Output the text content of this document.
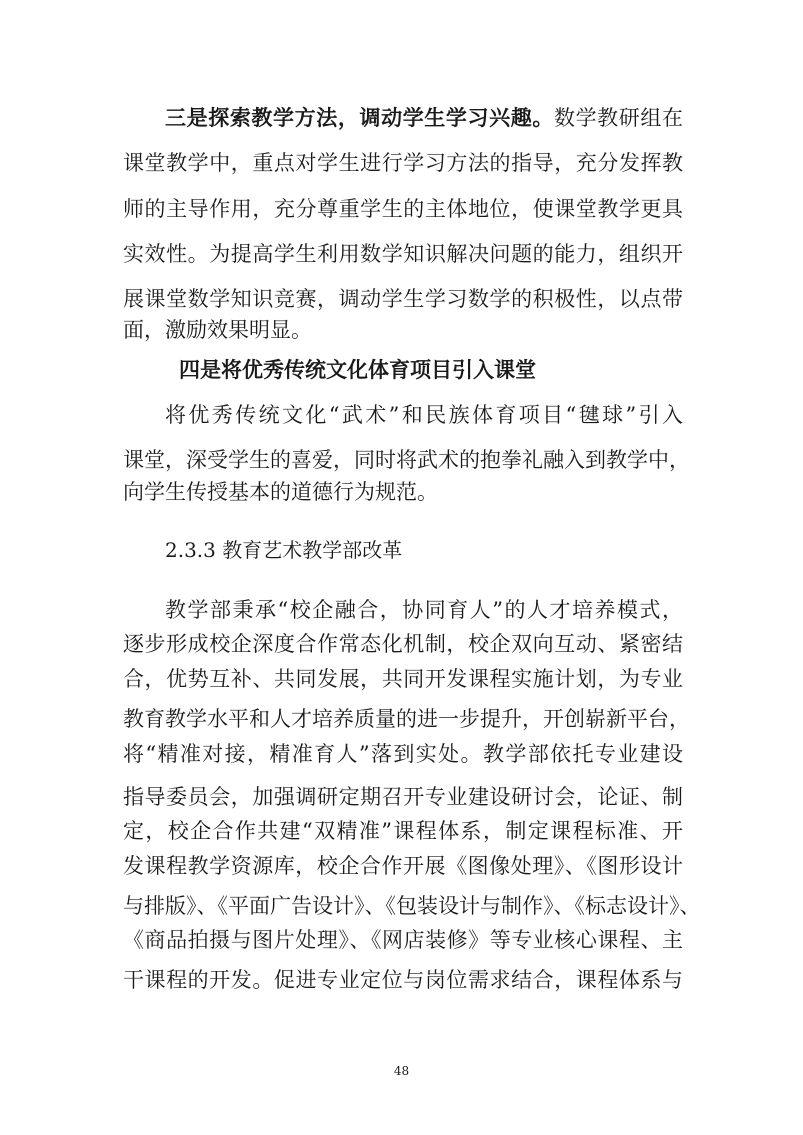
三是探索教学方法，调动学生学习兴趣。数学教研组在
课堂教学中，重点对学生进行学习方法的指导，充分发挥教
师的主导作用，充分尊重学生的主体地位，使课堂教学更具
实效性。为提高学生利用数学知识解决问题的能力，组织开
展课堂数学知识竞赛，调动学生学习数学的积极性，以点带
面，激励效果明显。
四是将优秀传统文化体育项目引入课堂
将优秀传统文化“武术”和民族体育项目“毽球”引入
课堂，深受学生的喜爱，同时将武术的抱拳礼融入到教学中，
向学生传授基本的道德行为规范。
2.3.3 教育艺术教学部改革
教学部秉承“校企融合，协同育人”的人才培养模式，
逐步形成校企深度合作常态化机制，校企双向互动、紧密结
合，优势互补、共同发展，共同开发课程实施计划，为专业
教育教学水平和人才培养质量的进一步提升，开创崭新平台，
将“精准对接，精准育人”落到实处。教学部依托专业建设
指导委员会，加强调研定期召开专业建设研讨会，论证、制
定，校企合作共建“双精准”课程体系，制定课程标准、开
发课程教学资源库，校企合作开展《图像处理》、《图形设计
与排版》、《平面广告设计》、《包装设计与制作》、《标志设计》、
《商品拍摄与图片处理》、《网店装修》等专业核心课程、主
干课程的开发。促进专业定位与岗位需求结合，课程体系与
48
